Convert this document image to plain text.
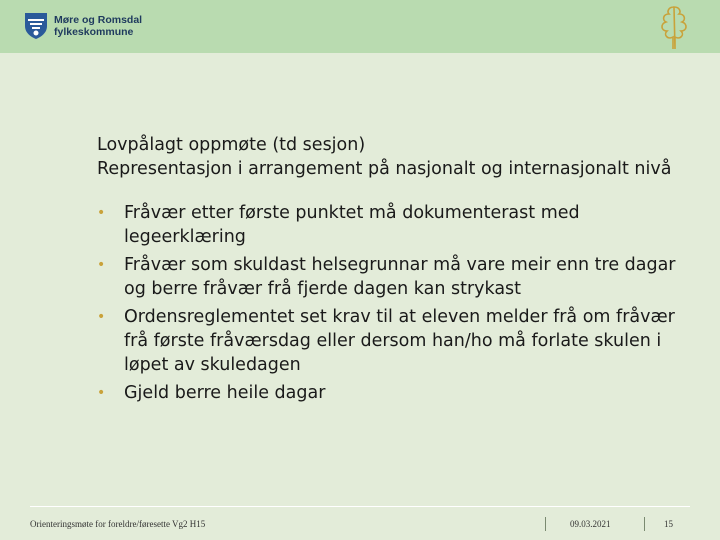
Møre og Romsdal
fylkeskommune

Lovpålagt oppmøte (td sesjon)

Representasjon i arrangement på nasjonalt og internasjonalt nivå

• Fråvær etter første punktet må dokumenterast med legeerklæring
• Fråvær som skuldast helsegrunnar må vare meir enn tre dagar og berre fråvær frå fjerde dagen kan strykast
• Ordensreglementet set krav til at eleven melder frå om fråvær frå første fråværsdag eller dersom han/ho må forlate skulen i løpet av skuledagen
• Gjeld berre heile dagar
Orienteringsmøte for foreldre/føresette Vg2 H15	09.03.2021	15
